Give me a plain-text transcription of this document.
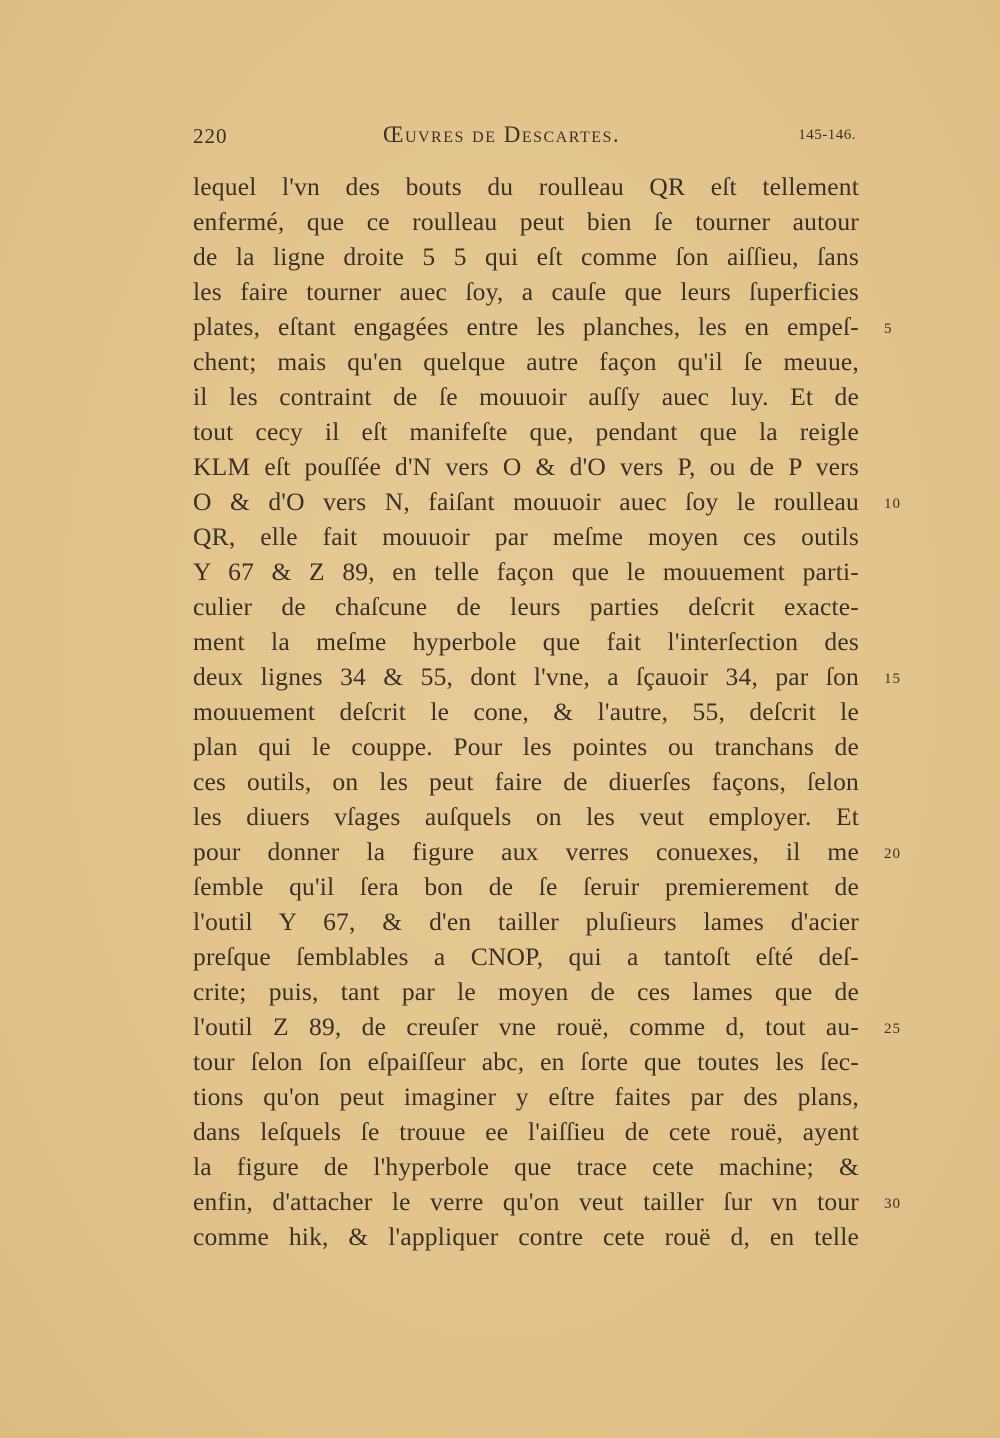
220	Œuvres de Descartes.	145-146.
lequel l'vn des bouts du roulleau QR eſt tellement
enfermé, que ce roulleau peut bien ſe tourner autour
de la ligne droite 5 5 qui eſt comme ſon aiſſieu, ſans
les faire tourner auec ſoy, a cauſe que leurs ſuperficies
plates, eſtant engagées entre les planches, les en empeſ-
chent; mais qu'en quelque autre façon qu'il ſe meuue,
il les contraint de ſe mouuoir auſſy auec luy. Et de
tout cecy il eſt manifeſte que, pendant que la reigle
KLM eſt pouſſée d'N vers O & d'O vers P, ou de P vers
O & d'O vers N, faiſant mouuoir auec ſoy le roulleau
QR, elle fait mouuoir par meſme moyen ces outils
Y 67 & Z 89, en telle façon que le mouuement parti-
culier de chaſcune de leurs parties deſcrit exacte-
ment la meſme hyperbole que fait l'interſection des
deux lignes 34 & 55, dont l'vne, a ſçauoir 34, par ſon
mouuement deſcrit le cone, & l'autre, 55, deſcrit le
plan qui le couppe. Pour les pointes ou tranchans de
ces outils, on les peut faire de diuerſes façons, ſelon
les diuers vſages auſquels on les veut employer. Et
pour donner la figure aux verres conuexes, il me
ſemble qu'il ſera bon de ſe ſeruir premierement de
l'outil Y 67, & d'en tailler pluſieurs lames d'acier
preſque ſemblables a CNOP, qui a tantoſt eſté deſ-
crite; puis, tant par le moyen de ces lames que de
l'outil Z 89, de creuſer vne rouë, comme d, tout au-
tour ſelon ſon eſpaiſſeur abc, en ſorte que toutes les ſec-
tions qu'on peut imaginer y eſtre faites par des plans,
dans leſquels ſe trouue ee l'aiſſieu de cete rouë, ayent
la figure de l'hyperbole que trace cete machine; &
enfin, d'attacher le verre qu'on veut tailler ſur vn tour
comme hik, & l'appliquer contre cete rouë d, en telle
5
10
15
20
25
30
